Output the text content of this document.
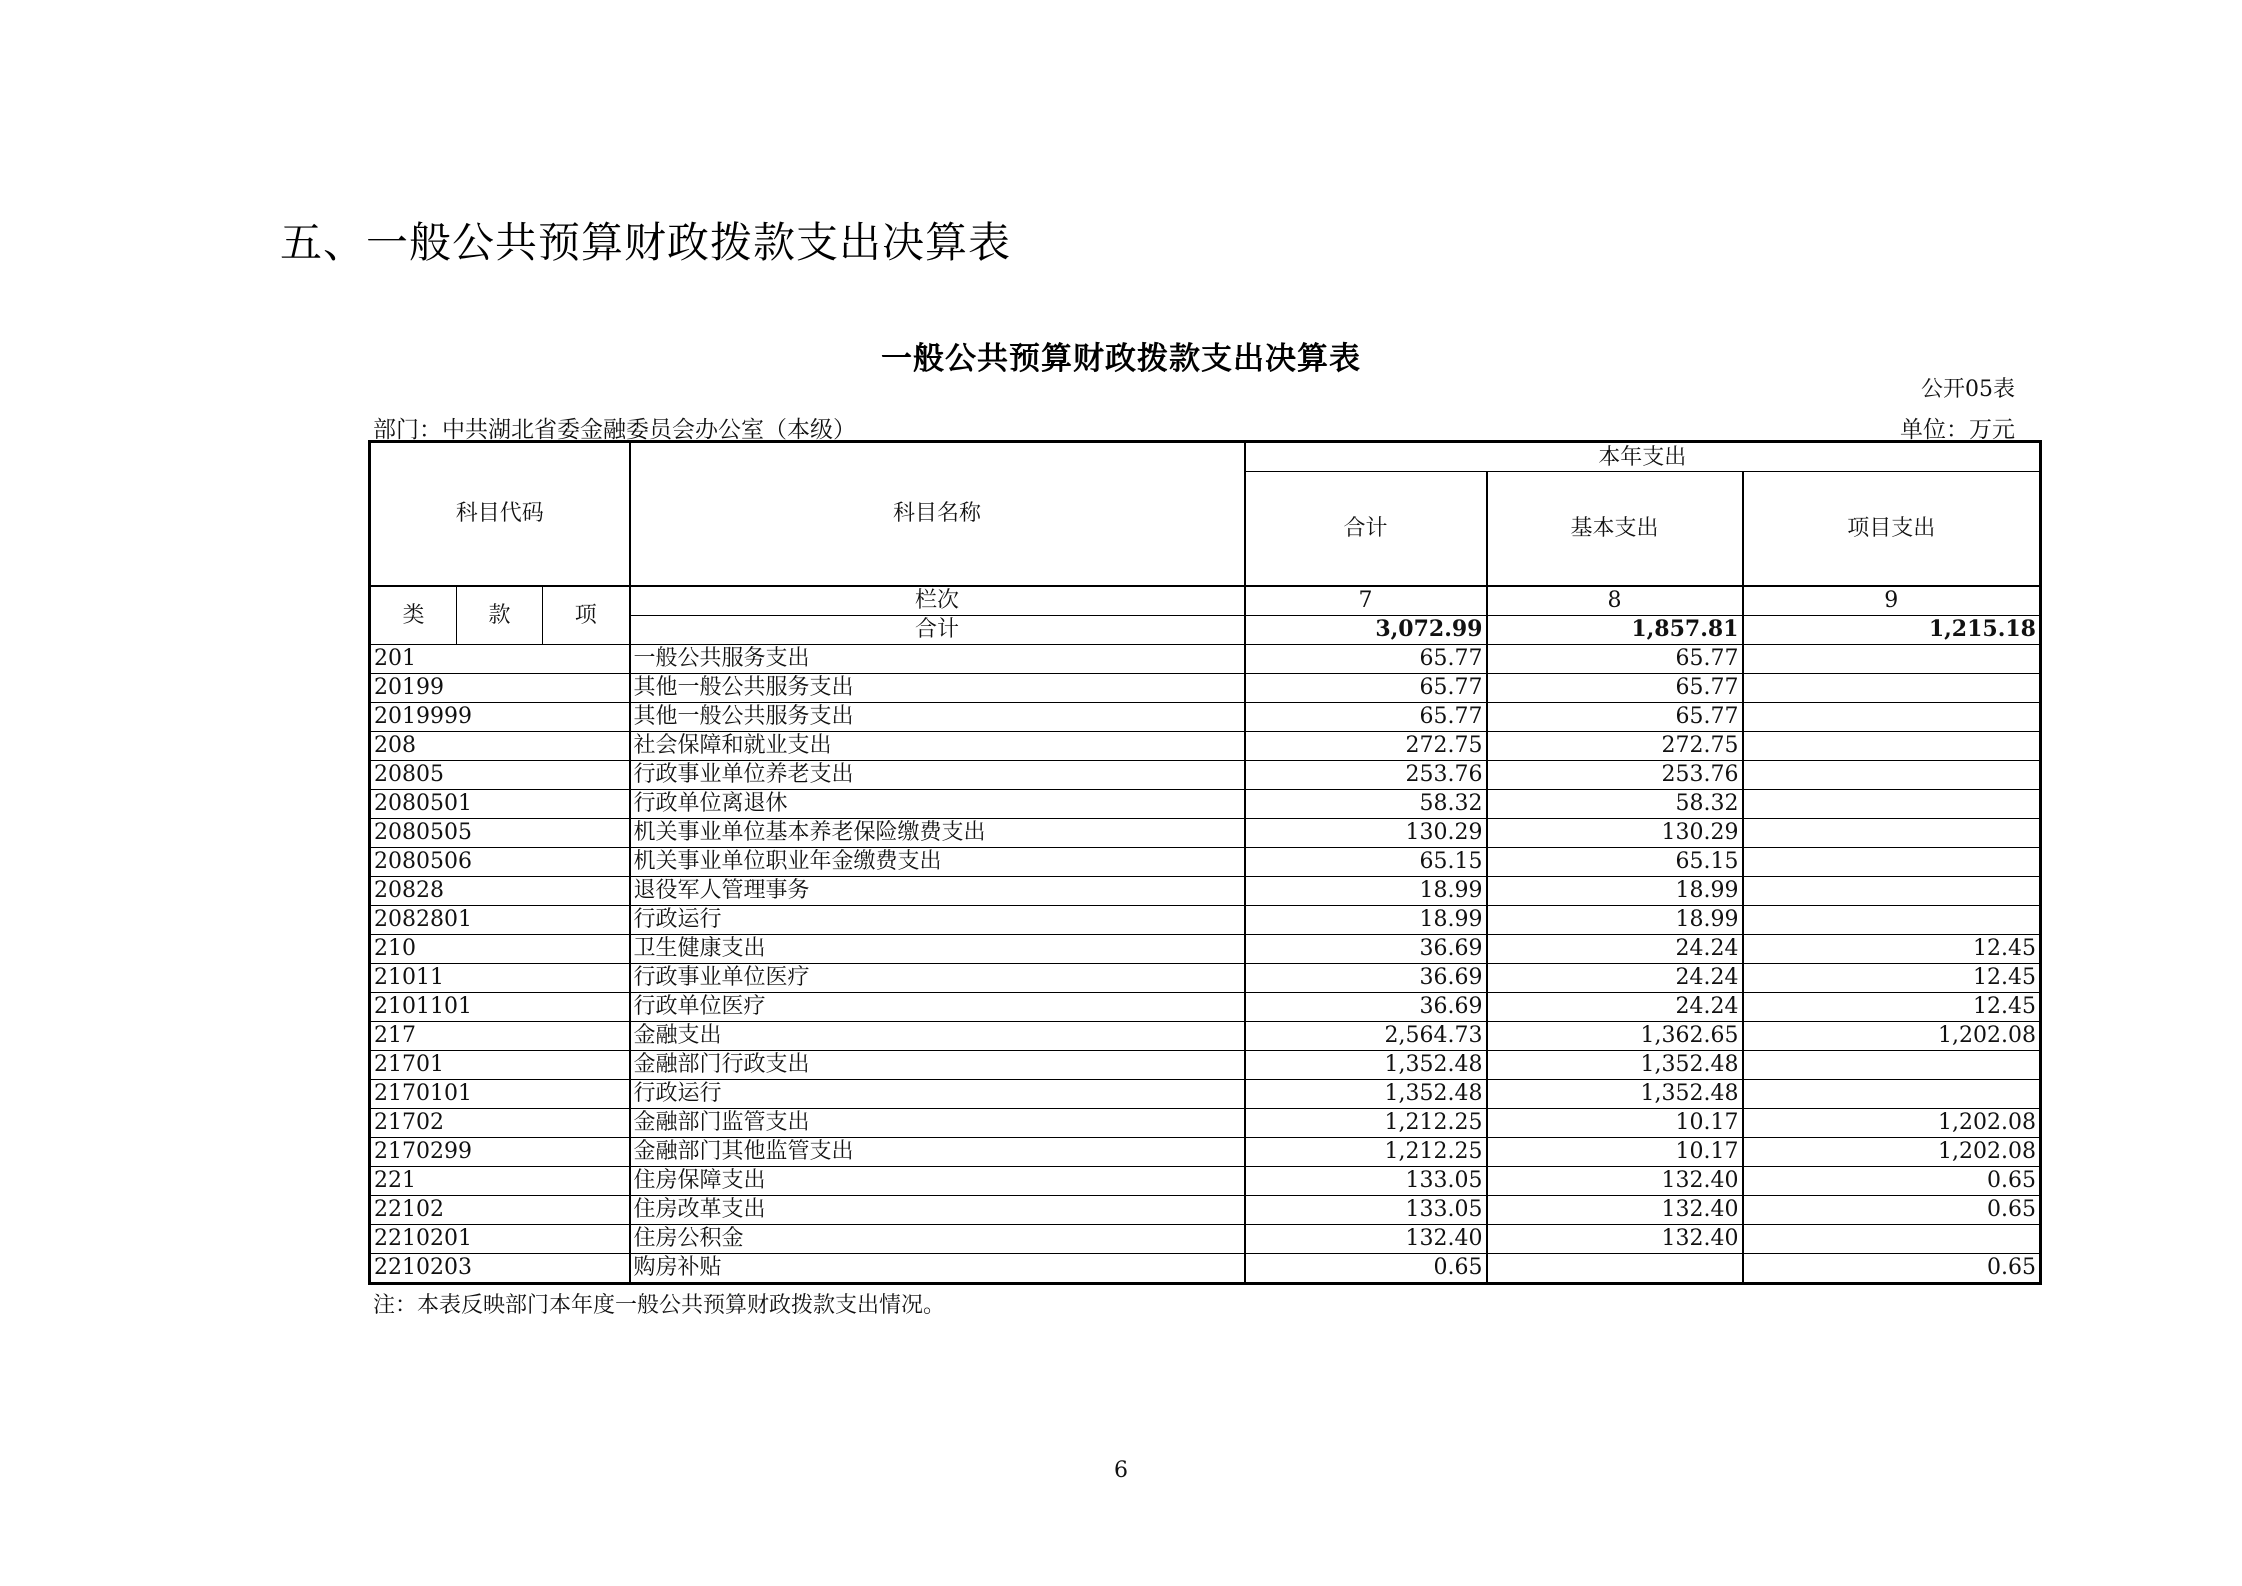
五、一般公共预算财政拨款支出决算表
一般公共预算财政拨款支出决算表
公开05表
部门：中共湖北省委金融委员会办公室（本级）	单位：万元
科目代码			科目名称	本年支出		
				合计	基本支出	项目支出
类	款	项	栏次	7	8	9
			合计	3,072.99	1,857.81	1,215.18
201			一般公共服务支出	65.77	65.77	
20199			其他一般公共服务支出	65.77	65.77	
2019999			其他一般公共服务支出	65.77	65.77	
208			社会保障和就业支出	272.75	272.75	
20805			行政事业单位养老支出	253.76	253.76	
2080501			行政单位离退休	58.32	58.32	
2080505			机关事业单位基本养老保险缴费支出	130.29	130.29	
2080506			机关事业单位职业年金缴费支出	65.15	65.15	
20828			退役军人管理事务	18.99	18.99	
2082801			行政运行	18.99	18.99	
210			卫生健康支出	36.69	24.24	12.45
21011			行政事业单位医疗	36.69	24.24	12.45
2101101			行政单位医疗	36.69	24.24	12.45
217			金融支出	2,564.73	1,362.65	1,202.08
21701			金融部门行政支出	1,352.48	1,352.48	
2170101			行政运行	1,352.48	1,352.48	
21702			金融部门监管支出	1,212.25	10.17	1,202.08
2170299			金融部门其他监管支出	1,212.25	10.17	1,202.08
221			住房保障支出	133.05	132.40	0.65
22102			住房改革支出	133.05	132.40	0.65
2210201			住房公积金	132.40	132.40	
2210203			购房补贴	0.65		0.65
注：本表反映部门本年度一般公共预算财政拨款支出情况。
6
